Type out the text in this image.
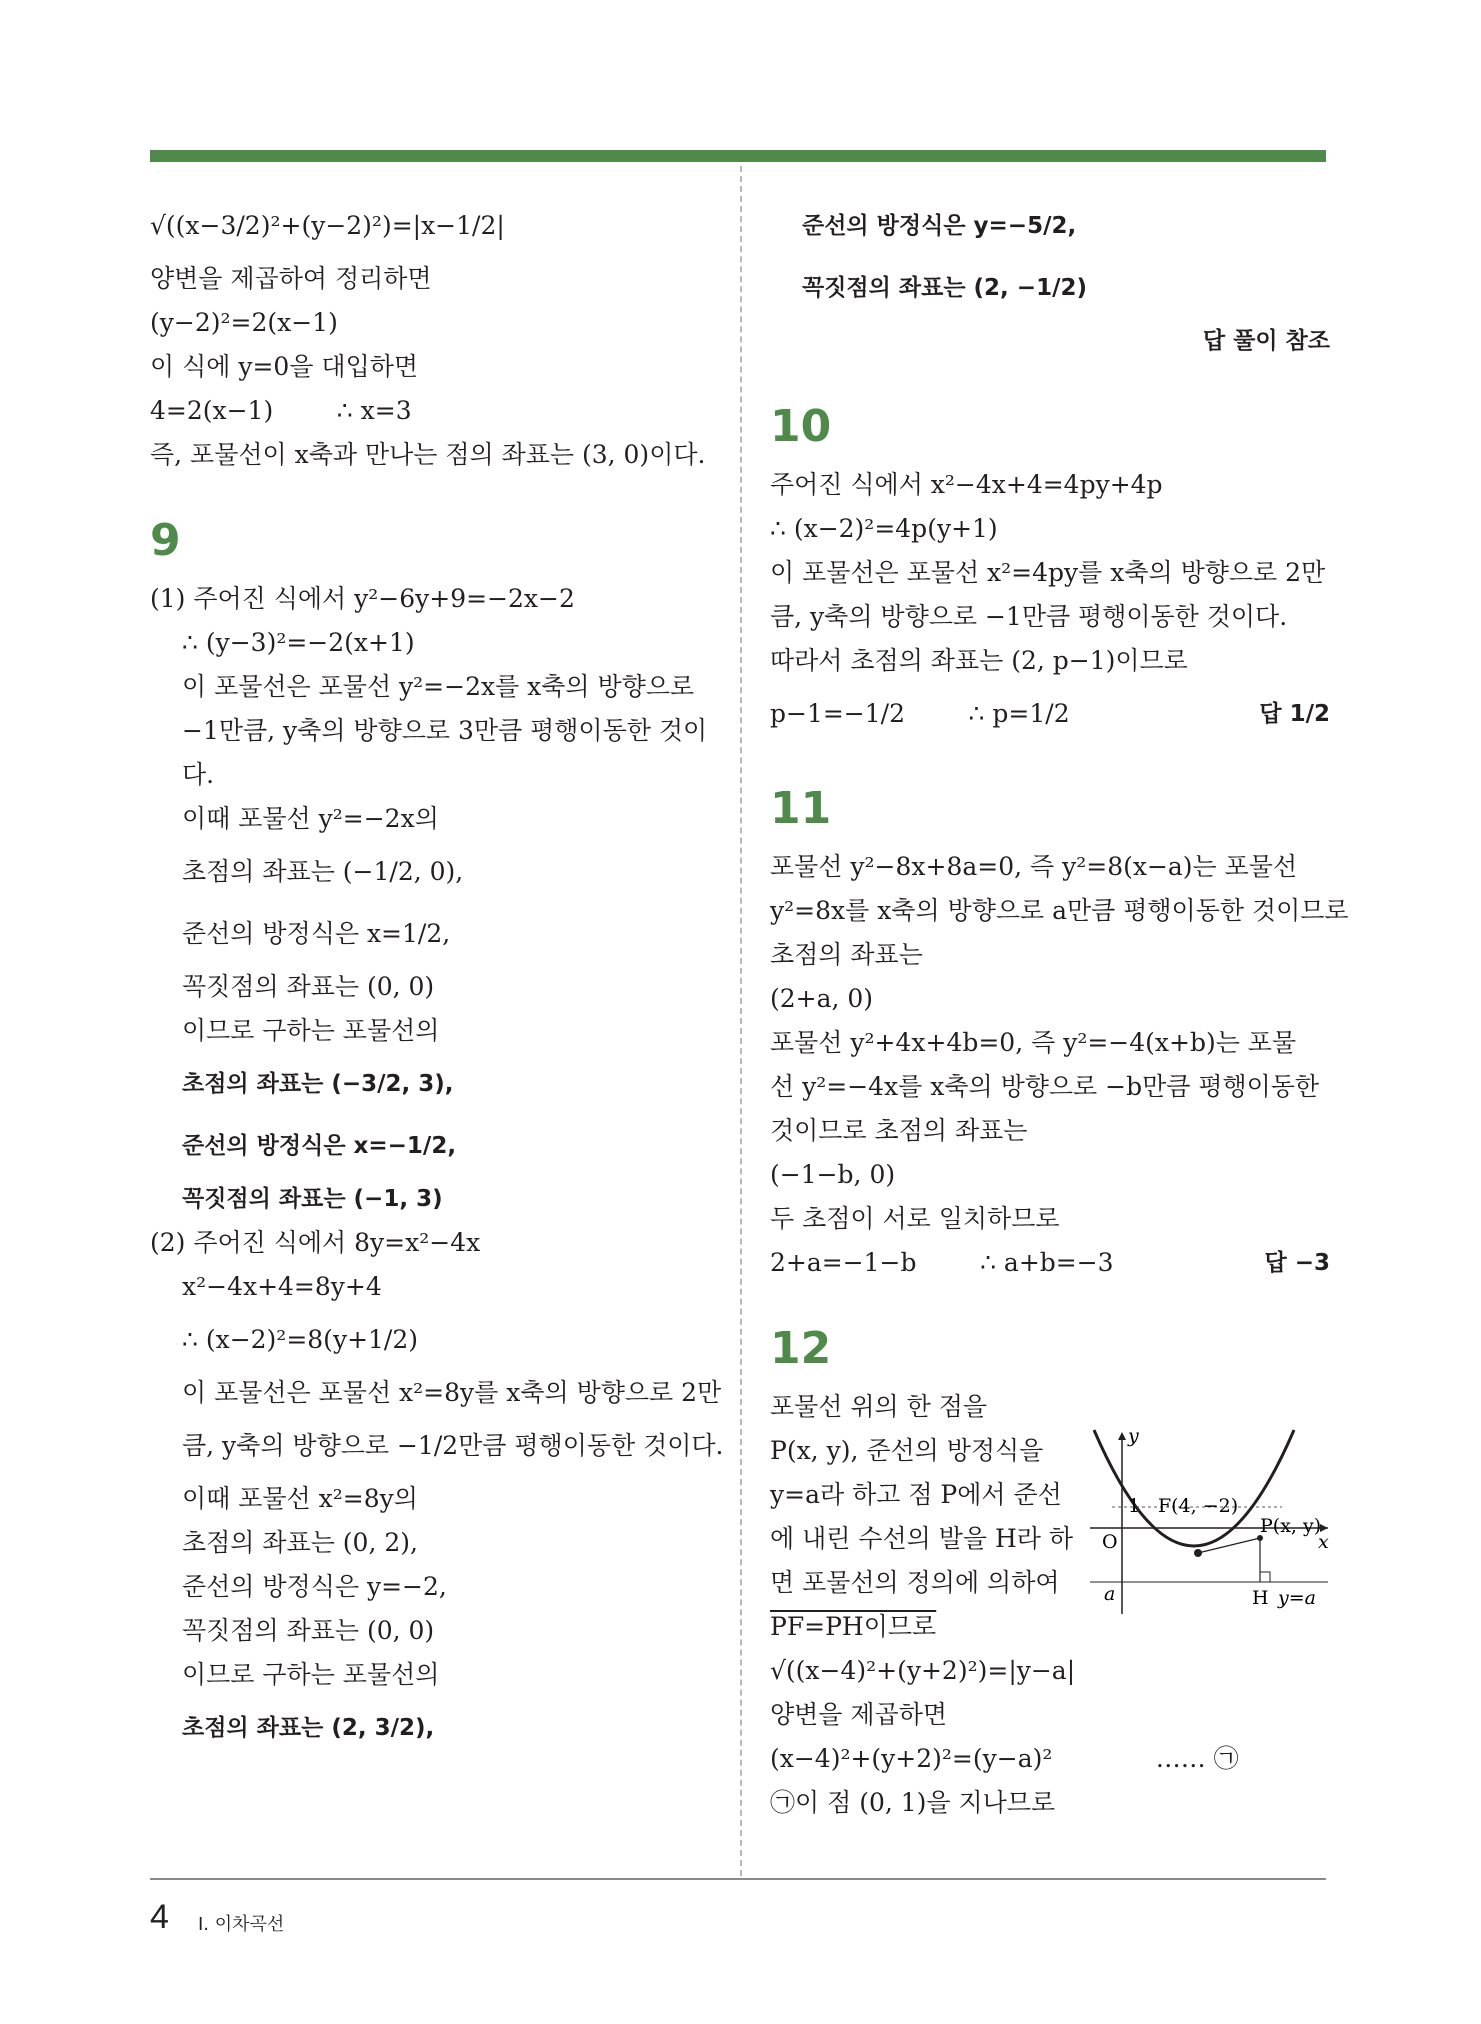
√((x−3/2)²+(y−2)²)=|x−1/2|
양변을 제곱하여 정리하면
(y−2)²=2(x−1)
이 식에 y=0을 대입하면
4=2(x−1)        ∴ x=3
즉, 포물선이 x축과 만나는 점의 좌표는 (3, 0)이다.
9
(1) 주어진 식에서 y²−6y+9=−2x−2
∴ (y−3)²=−2(x+1)
이 포물선은 포물선 y²=−2x를 x축의 방향으로
−1만큼, y축의 방향으로 3만큼 평행이동한 것이
다.
이때 포물선 y²=−2x의
초점의 좌표는 (−1/2, 0),
준선의 방정식은 x=1/2,
꼭짓점의 좌표는 (0, 0)
이므로 구하는 포물선의
초점의 좌표는 (−3/2, 3),
준선의 방정식은 x=−1/2,
꼭짓점의 좌표는 (−1, 3)
(2) 주어진 식에서 8y=x²−4x
x²−4x+4=8y+4
∴ (x−2)²=8(y+1/2)
이 포물선은 포물선 x²=8y를 x축의 방향으로 2만
큼, y축의 방향으로 −1/2만큼 평행이동한 것이다.
이때 포물선 x²=8y의
초점의 좌표는 (0, 2),
준선의 방정식은 y=−2,
꼭짓점의 좌표는 (0, 0)
이므로 구하는 포물선의
초점의 좌표는 (2, 3/2),
준선의 방정식은 y=−5/2,
꼭짓점의 좌표는 (2, −1/2)
답 풀이 참조
10
주어진 식에서 x²−4x+4=4py+4p
∴ (x−2)²=4p(y+1)
이 포물선은 포물선 x²=4py를 x축의 방향으로 2만
큼, y축의 방향으로 −1만큼 평행이동한 것이다.
따라서 초점의 좌표는 (2, p−1)이므로
p−1=−1/2        ∴ p=1/2	답 1/2
11
포물선 y²−8x+8a=0, 즉 y²=8(x−a)는 포물선
y²=8x를 x축의 방향으로 a만큼 평행이동한 것이므로
초점의 좌표는
(2+a, 0)
포물선 y²+4x+4b=0, 즉 y²=−4(x+b)는 포물
선 y²=−4x를 x축의 방향으로 −b만큼 평행이동한
것이므로 초점의 좌표는
(−1−b, 0)
두 초점이 서로 일치하므로
2+a=−1−b        ∴ a+b=−3	답 −3
12
포물선 위의 한 점을
P(x, y), 준선의 방정식을
y=a라 하고 점 P에서 준선
에 내린 수선의 발을 H라 하
면 포물선의 정의에 의하여
PF=PH이므로
√((x−4)²+(y+2)²)=|y−a|
양변을 제곱하면
(x−4)²+(y+2)²=(y−a)²             …… ㉠
㉠이 점 (0, 1)을 지나므로
y
x
O
1
a
F(4, −2)
P(x, y)
H y=a
4 Ⅰ. 이차곡선
